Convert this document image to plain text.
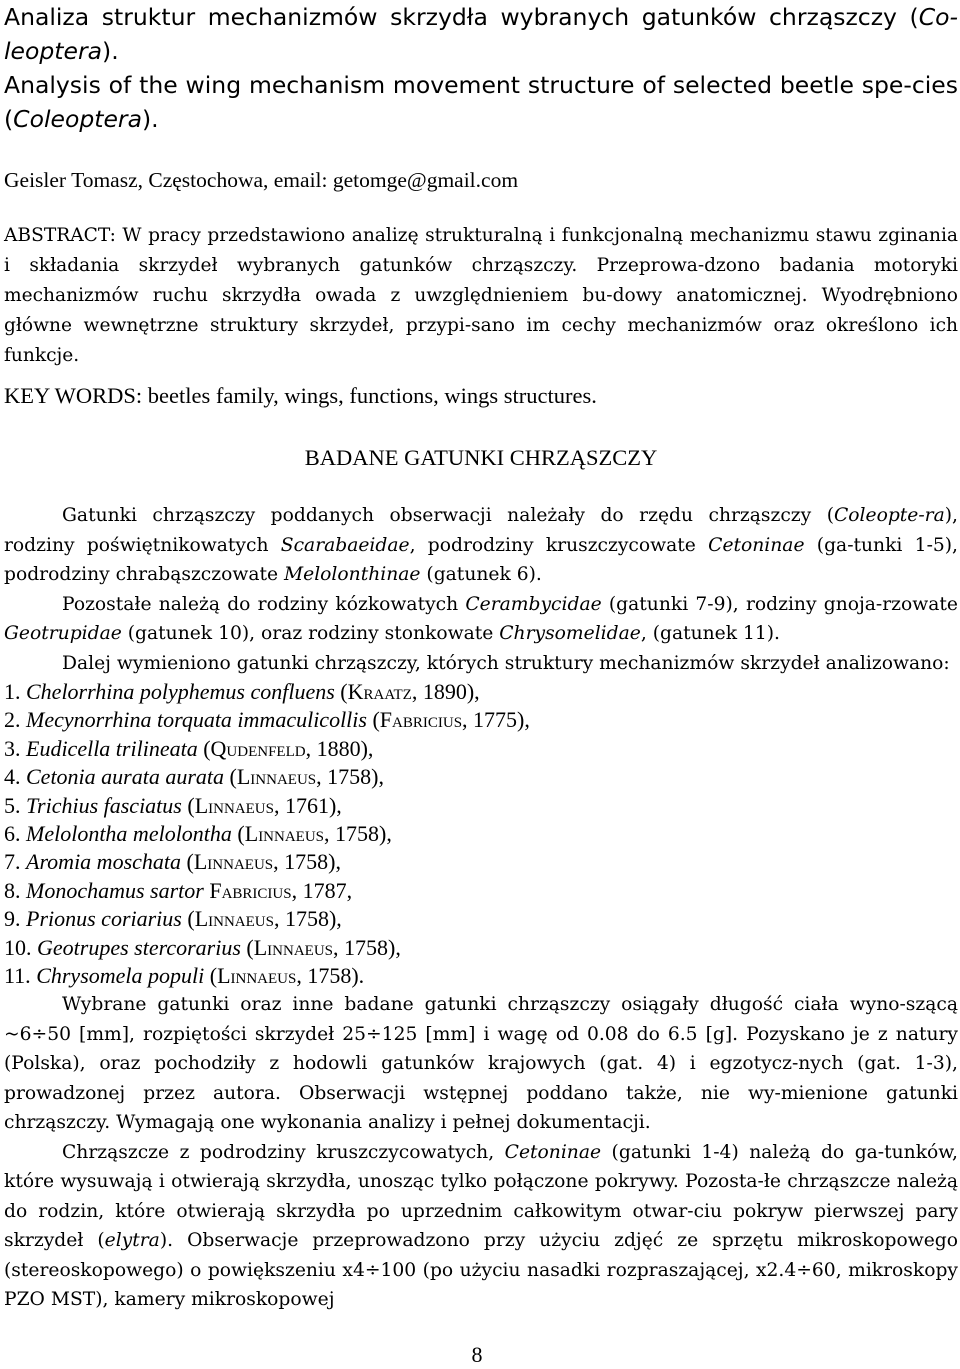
Analiza struktur mechanizmów skrzydła wybranych gatunków chrząszczy (Co-leoptera).

Analysis of the wing mechanism movement structure of selected beetle spe-cies (Coleoptera).

Geisler Tomasz, Częstochowa, email: getomge@gmail.com
ABSTRACT: W pracy przedstawiono analizę strukturalną i funkcjonalną mechanizmu stawu zginania i składania skrzydeł wybranych gatunków chrząszczy. Przeprowa-dzono badania motoryki mechanizmów ruchu skrzydła owada z uwzględnieniem bu-dowy anatomicznej. Wyodrębniono główne wewnętrzne struktury skrzydeł, przypi-sano im cechy mechanizmów oraz określono ich funkcje.
KEY WORDS: beetles family, wings, functions, wings structures.
BADANE GATUNKI CHRZĄSZCZY

Gatunki chrząszczy poddanych obserwacji należały do rzędu chrząszczy (Coleopte-ra), rodziny poświętnikowatych Scarabaeidae, podrodziny kruszczycowate Cetoninae (ga-tunki 1-5), podrodziny chrabąszczowate Melolonthinae (gatunek 6).

Pozostałe należą do rodziny kózkowatych Cerambycidae (gatunki 7-9), rodziny gnoja-rzowate Geotrupidae (gatunek 10), oraz rodziny stonkowate Chrysomelidae, (gatunek 11).

Dalej wymieniono gatunki chrząszczy, których struktury mechanizmów skrzydeł analizowano:

1. Chelorrhina polyphemus confluens (Kraatz, 1890),
2. Mecynorrhina torquata immaculicollis (Fabricius, 1775),
3. Eudicella trilineata (Qudenfeld, 1880),
4. Cetonia aurata aurata (Linnaeus, 1758),
5. Trichius fasciatus (Linnaeus, 1761),
6. Melolontha melolontha (Linnaeus, 1758),
7. Aromia moschata (Linnaeus, 1758),
8. Monochamus sartor Fabricius, 1787,
9. Prionus coriarius (Linnaeus, 1758),
10. Geotrupes stercorarius (Linnaeus, 1758),
11. Chrysomela populi (Linnaeus, 1758).

Wybrane gatunki oraz inne badane gatunki chrząszczy osiągały długość ciała wyno-szącą ~6÷50 [mm], rozpiętości skrzydeł 25÷125 [mm] i wagę od 0.08 do 6.5 [g]. Pozyskano je z natury (Polska), oraz pochodziły z hodowli gatunków krajowych (gat. 4) i egzotycz-nych (gat. 1-3), prowadzonej przez autora. Obserwacji wstępnej poddano także, nie wy-mienione gatunki chrząszczy. Wymagają one wykonania analizy i pełnej dokumentacji.

Chrząszcze z podrodziny kruszczycowatych, Cetoninae (gatunki 1-4) należą do ga-tunków, które wysuwają i otwierają skrzydła, unosząc tylko połączone pokrywy. Pozosta-łe chrząszcze należą do rodzin, które otwierają skrzydła po uprzednim całkowitym otwar-ciu pokryw pierwszej pary skrzydeł (elytra). Obserwacje przeprowadzono przy użyciu zdjęć ze sprzętu mikroskopowego (stereoskopowego) o powiększeniu x4÷100 (po użyciu nasadki rozpraszającej, x2.4÷60, mikroskopy PZO MST), kamery mikroskopowej

8
